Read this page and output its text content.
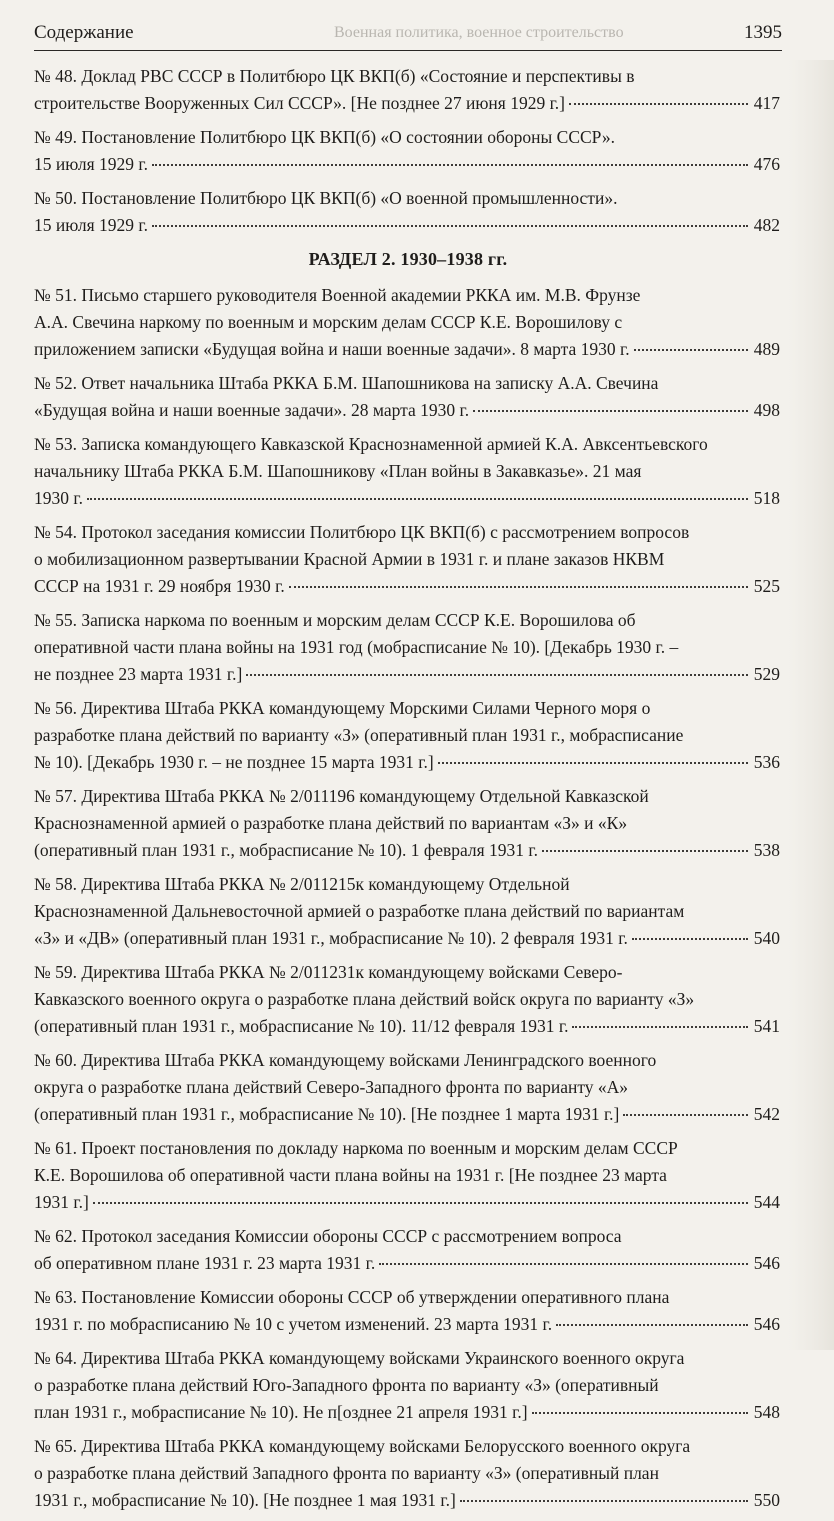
Содержание	Военная политика, военное строительство	1395
№ 48. Доклад РВС СССР в Политбюро ЦК ВКП(б) «Состояние и перспективы в
строительстве Вооруженных Сил СССР». [Не позднее 27 июня 1929 г.]	417
№ 49. Постановление Политбюро ЦК ВКП(б) «О состоянии обороны СССР».
15 июля 1929 г.	476
№ 50. Постановление Политбюро ЦК ВКП(б) «О военной промышленности».
15 июля 1929 г.	482
РАЗДЕЛ 2. 1930–1938 гг.
№ 51. Письмо старшего руководителя Военной академии РККА им. М.В. Фрунзе
А.А. Свечина наркому по военным и морским делам СССР К.Е. Ворошилову с
приложением записки «Будущая война и наши военные задачи». 8 марта 1930 г.	489
№ 52. Ответ начальника Штаба РККА Б.М. Шапошникова на записку А.А. Свечина
«Будущая война и наши военные задачи». 28 марта 1930 г.	498
№ 53. Записка командующего Кавказской Краснознаменной армией К.А. Авксентьевского
начальнику Штаба РККА Б.М. Шапошникову «План войны в Закавказье». 21 мая
1930 г.	518
№ 54. Протокол заседания комиссии Политбюро ЦК ВКП(б) с рассмотрением вопросов
о мобилизационном развертывании Красной Армии в 1931 г. и плане заказов НКВМ
СССР на 1931 г. 29 ноября 1930 г.	525
№ 55. Записка наркома по военным и морским делам СССР К.Е. Ворошилова об
оперативной части плана войны на 1931 год (мобрасписание № 10). [Декабрь 1930 г. –
не позднее 23 марта 1931 г.]	529
№ 56. Директива Штаба РККА командующему Морскими Силами Черного моря о
разработке плана действий по варианту «З» (оперативный план 1931 г., мобрасписание
№ 10). [Декабрь 1930 г. – не позднее 15 марта 1931 г.]	536
№ 57. Директива Штаба РККА № 2/011196 командующему Отдельной Кавказской
Краснознаменной армией о разработке плана действий по вариантам «З» и «К»
(оперативный план 1931 г., мобрасписание № 10). 1 февраля 1931 г.	538
№ 58. Директива Штаба РККА № 2/011215к командующему Отдельной
Краснознаменной Дальневосточной армией о разработке плана действий по вариантам
«З» и «ДВ» (оперативный план 1931 г., мобрасписание № 10). 2 февраля 1931 г.	540
№ 59. Директива Штаба РККА № 2/011231к командующему войсками Северо-
Кавказского военного округа о разработке плана действий войск округа по варианту «З»
(оперативный план 1931 г., мобрасписание № 10). 11/12 февраля 1931 г.	541
№ 60. Директива Штаба РККА командующему войсками Ленинградского военного
округа о разработке плана действий Северо-Западного фронта по варианту «А»
(оперативный план 1931 г., мобрасписание № 10). [Не позднее 1 марта 1931 г.]	542
№ 61. Проект постановления по докладу наркома по военным и морским делам СССР
К.Е. Ворошилова об оперативной части плана войны на 1931 г. [Не позднее 23 марта
1931 г.]	544
№ 62. Протокол заседания Комиссии обороны СССР с рассмотрением вопроса
об оперативном плане 1931 г. 23 марта 1931 г.	546
№ 63. Постановление Комиссии обороны СССР об утверждении оперативного плана
1931 г. по мобрасписанию № 10 с учетом изменений. 23 марта 1931 г.	546
№ 64. Директива Штаба РККА командующему войсками Украинского военного округа
о разработке плана действий Юго-Западного фронта по варианту «З» (оперативный
план 1931 г., мобрасписание № 10). Не п[озднее 21 апреля 1931 г.]	548
№ 65. Директива Штаба РККА командующему войсками Белорусского военного округа
о разработке плана действий Западного фронта по варианту «З» (оперативный план
1931 г., мобрасписание № 10). [Не позднее 1 мая 1931 г.]	550
